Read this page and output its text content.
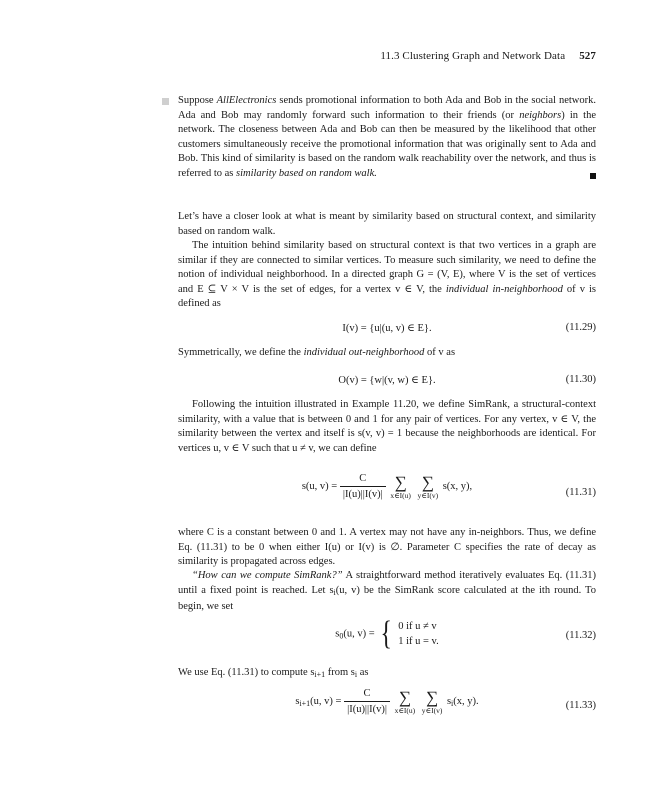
11.3 Clustering Graph and Network Data 527

Suppose AllElectronics sends promotional information to both Ada and Bob in the social network. Ada and Bob may randomly forward such information to their friends (or neighbors) in the network. The closeness between Ada and Bob can then be measured by the likelihood that other customers simultaneously receive the promotional information that was originally sent to Ada and Bob. This kind of similarity is based on the random walk reachability over the network, and thus is referred to as similarity based on random walk.

Let’s have a closer look at what is meant by similarity based on structural context, and similarity based on random walk.

The intuition behind similarity based on structural context is that two vertices in a graph are similar if they are connected to similar vertices. To measure such similarity, we need to define the notion of individual neighborhood. In a directed graph G = (V, E), where V is the set of vertices and E ⊆ V × V is the set of edges, for a vertex v ∈ V, the individual in-neighborhood of v is defined as

I(v) = {u|(u, v) ∈ E}.	(11.29)

Symmetrically, we define the individual out-neighborhood of v as

O(v) = {w|(v, w) ∈ E}.	(11.30)

Following the intuition illustrated in Example 11.20, we define SimRank, a structural-context similarity, with a value that is between 0 and 1 for any pair of vertices. For any vertex, v ∈ V, the similarity between the vertex and itself is s(v, v) = 1 because the neighborhoods are identical. For vertices u, v ∈ V such that u ≠ v, we can define

s(u, $v) = \frac{C}{|I(u)||I(v)|}$
∑
x∈I(u)

∑
y∈I(v)
s(x, y),
(11.31)

where C is a constant between 0 and 1. A vertex may not have any in-neighbors. Thus, we define Eq. (11.31) to be 0 when either I(u) or I(v) is ∅. Parameter C specifies the rate of decay as similarity is propagated across edges.

“How can we compute SimRank?” A straightforward method iteratively evaluates Eq. (11.31) until a fixed point is reached. Let si(u, v) be the SimRank score calculated at the ith round. To begin, we set

s0(u, v) = { 0 if u ≠ v
1 if u = v.
(11.32)

We use Eq. (11.31) to compute si+1 from si as

si+1(u, $v) = \frac{C}{|I(u)||I(v)|}$
∑
x∈I(u)

∑
y∈I(v)
si(x, y).	(11.33)
